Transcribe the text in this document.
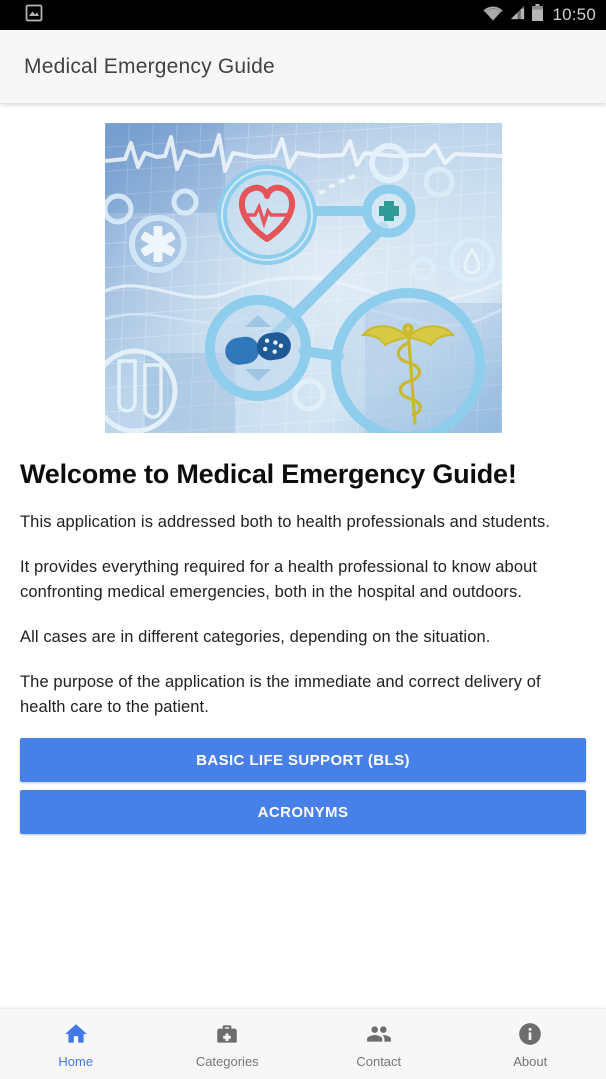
10:50
Medical Emergency Guide
Welcome to Medical Emergency Guide!

This application is addressed both to health professionals and students.

It provides everything required for a health professional to know about confronting medical emergencies, both in the hospital and outdoors.

All cases are in different categories, depending on the situation.

The purpose of the application is the immediate and correct delivery of health care to the patient.

BASIC LIFE SUPPORT (BLS)
ACRONYMS
Home	Categories	Contact	About
